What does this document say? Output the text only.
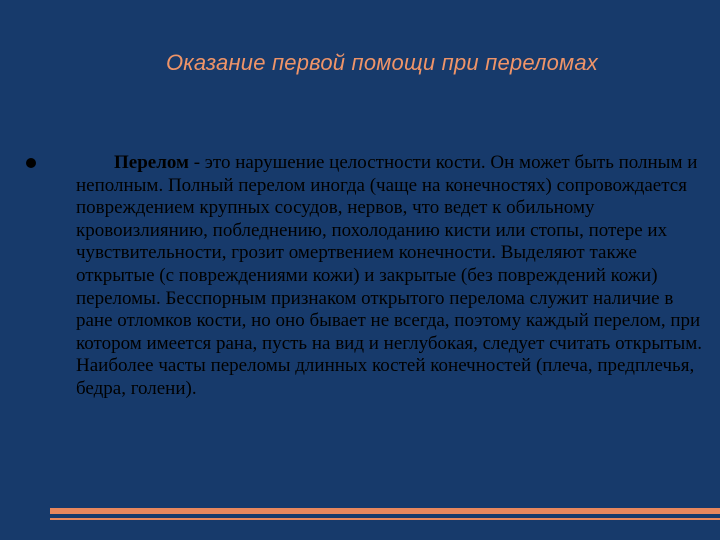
Оказание первой помощи при переломах

Перелом - это нарушение целостности кости. Он может быть полным и неполным. Полный перелом иногда (чаще на конечностях) сопровождается повреждением крупных сосудов, нервов, что ведет к обильному кровоизлиянию, побледнению, похолоданию кисти или стопы, потере их чувствительности, грозит омертвением конечности. Выделяют также открытые (с повреждениями кожи) и закрытые (без повреждений кожи) переломы. Бесспорным признаком открытого перелома служит наличие в ране отломков кости, но оно бывает не всегда, поэтому каждый перелом, при котором имеется рана, пусть на вид и неглубокая, следует считать открытым. Наиболее часты переломы длинных костей конечностей (плеча, предплечья, бедра, голени).
